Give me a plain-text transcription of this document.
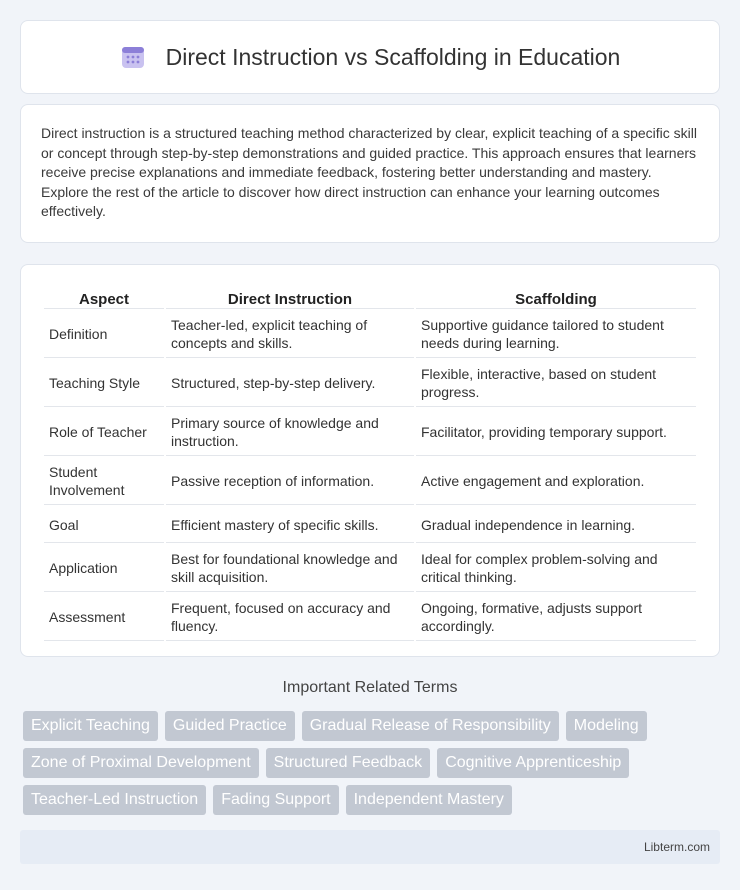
Direct Instruction vs Scaffolding in Education

Direct instruction is a structured teaching method characterized by clear, explicit teaching of a specific skill or concept through step-by-step demonstrations and guided practice. This approach ensures that learners receive precise explanations and immediate feedback, fostering better understanding and mastery. Explore the rest of the article to discover how direct instruction can enhance your learning outcomes effectively.

Aspect	Direct Instruction	Scaffolding
Definition	Teacher-led, explicit teaching of concepts and skills.	Supportive guidance tailored to student needs during learning.
Teaching Style	Structured, step-by-step delivery.	Flexible, interactive, based on student progress.
Role of Teacher	Primary source of knowledge and instruction.	Facilitator, providing temporary support.
Student Involvement	Passive reception of information.	Active engagement and exploration.
Goal	Efficient mastery of specific skills.	Gradual independence in learning.
Application	Best for foundational knowledge and skill acquisition.	Ideal for complex problem-solving and critical thinking.
Assessment	Frequent, focused on accuracy and fluency.	Ongoing, formative, adjusts support accordingly.
Important Related Terms
Explicit Teaching	Guided Practice	Gradual Release of Responsibility	Modeling
Zone of Proximal Development	Structured Feedback	Cognitive Apprenticeship
Teacher-Led Instruction	Fading Support	Independent Mastery
Libterm.com
